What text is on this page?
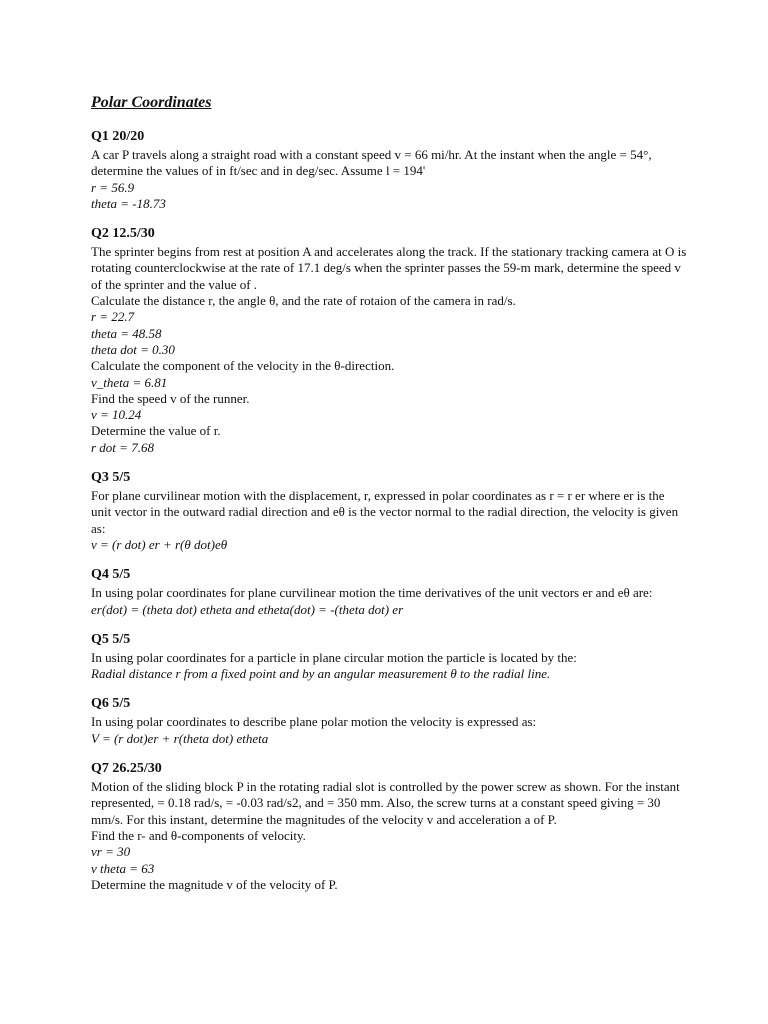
Polar Coordinates
Q1 20/20
A car P travels along a straight road with a constant speed v = 66 mi/hr. At the instant when the angle = 54°, determine the values of in ft/sec and in deg/sec. Assume l = 194'
r = 56.9
theta = -18.73
Q2 12.5/30
The sprinter begins from rest at position A and accelerates along the track. If the stationary tracking camera at O is rotating counterclockwise at the rate of 17.1 deg/s when the sprinter passes the 59-m mark, determine the speed v of the sprinter and the value of .
Calculate the distance r, the angle θ, and the rate of rotaion of the camera in rad/s.
r = 22.7
theta = 48.58
theta dot = 0.30
Calculate the component of the velocity in the θ-direction.
v_theta = 6.81
Find the speed v of the runner.
v = 10.24
Determine the value of r.
r dot = 7.68
Q3 5/5
For plane curvilinear motion with the displacement, r, expressed in polar coordinates as r = r er where er is the unit vector in the outward radial direction and eθ is the vector normal to the radial direction, the velocity is given as:
v = (r dot) er + r(θ dot)eθ
Q4 5/5
In using polar coordinates for plane curvilinear motion the time derivatives of the unit vectors er and eθ are:
er(dot) = (theta dot) etheta and etheta(dot) = -(theta dot) er
Q5 5/5
In using polar coordinates for a particle in plane circular motion the particle is located by the:
Radial distance r from a fixed point and by an angular measurement θ to the radial line.
Q6 5/5
In using polar coordinates to describe plane polar motion the velocity is expressed as:
V = (r dot)er + r(theta dot) etheta
Q7 26.25/30
Motion of the sliding block P in the rotating radial slot is controlled by the power screw as shown. For the instant represented, = 0.18 rad/s, = -0.03 rad/s2, and = 350 mm. Also, the screw turns at a constant speed giving = 30 mm/s. For this instant, determine the magnitudes of the velocity v and acceleration a of P.
Find the r- and θ-components of velocity.
vr = 30
v theta = 63
Determine the magnitude v of the velocity of P.
